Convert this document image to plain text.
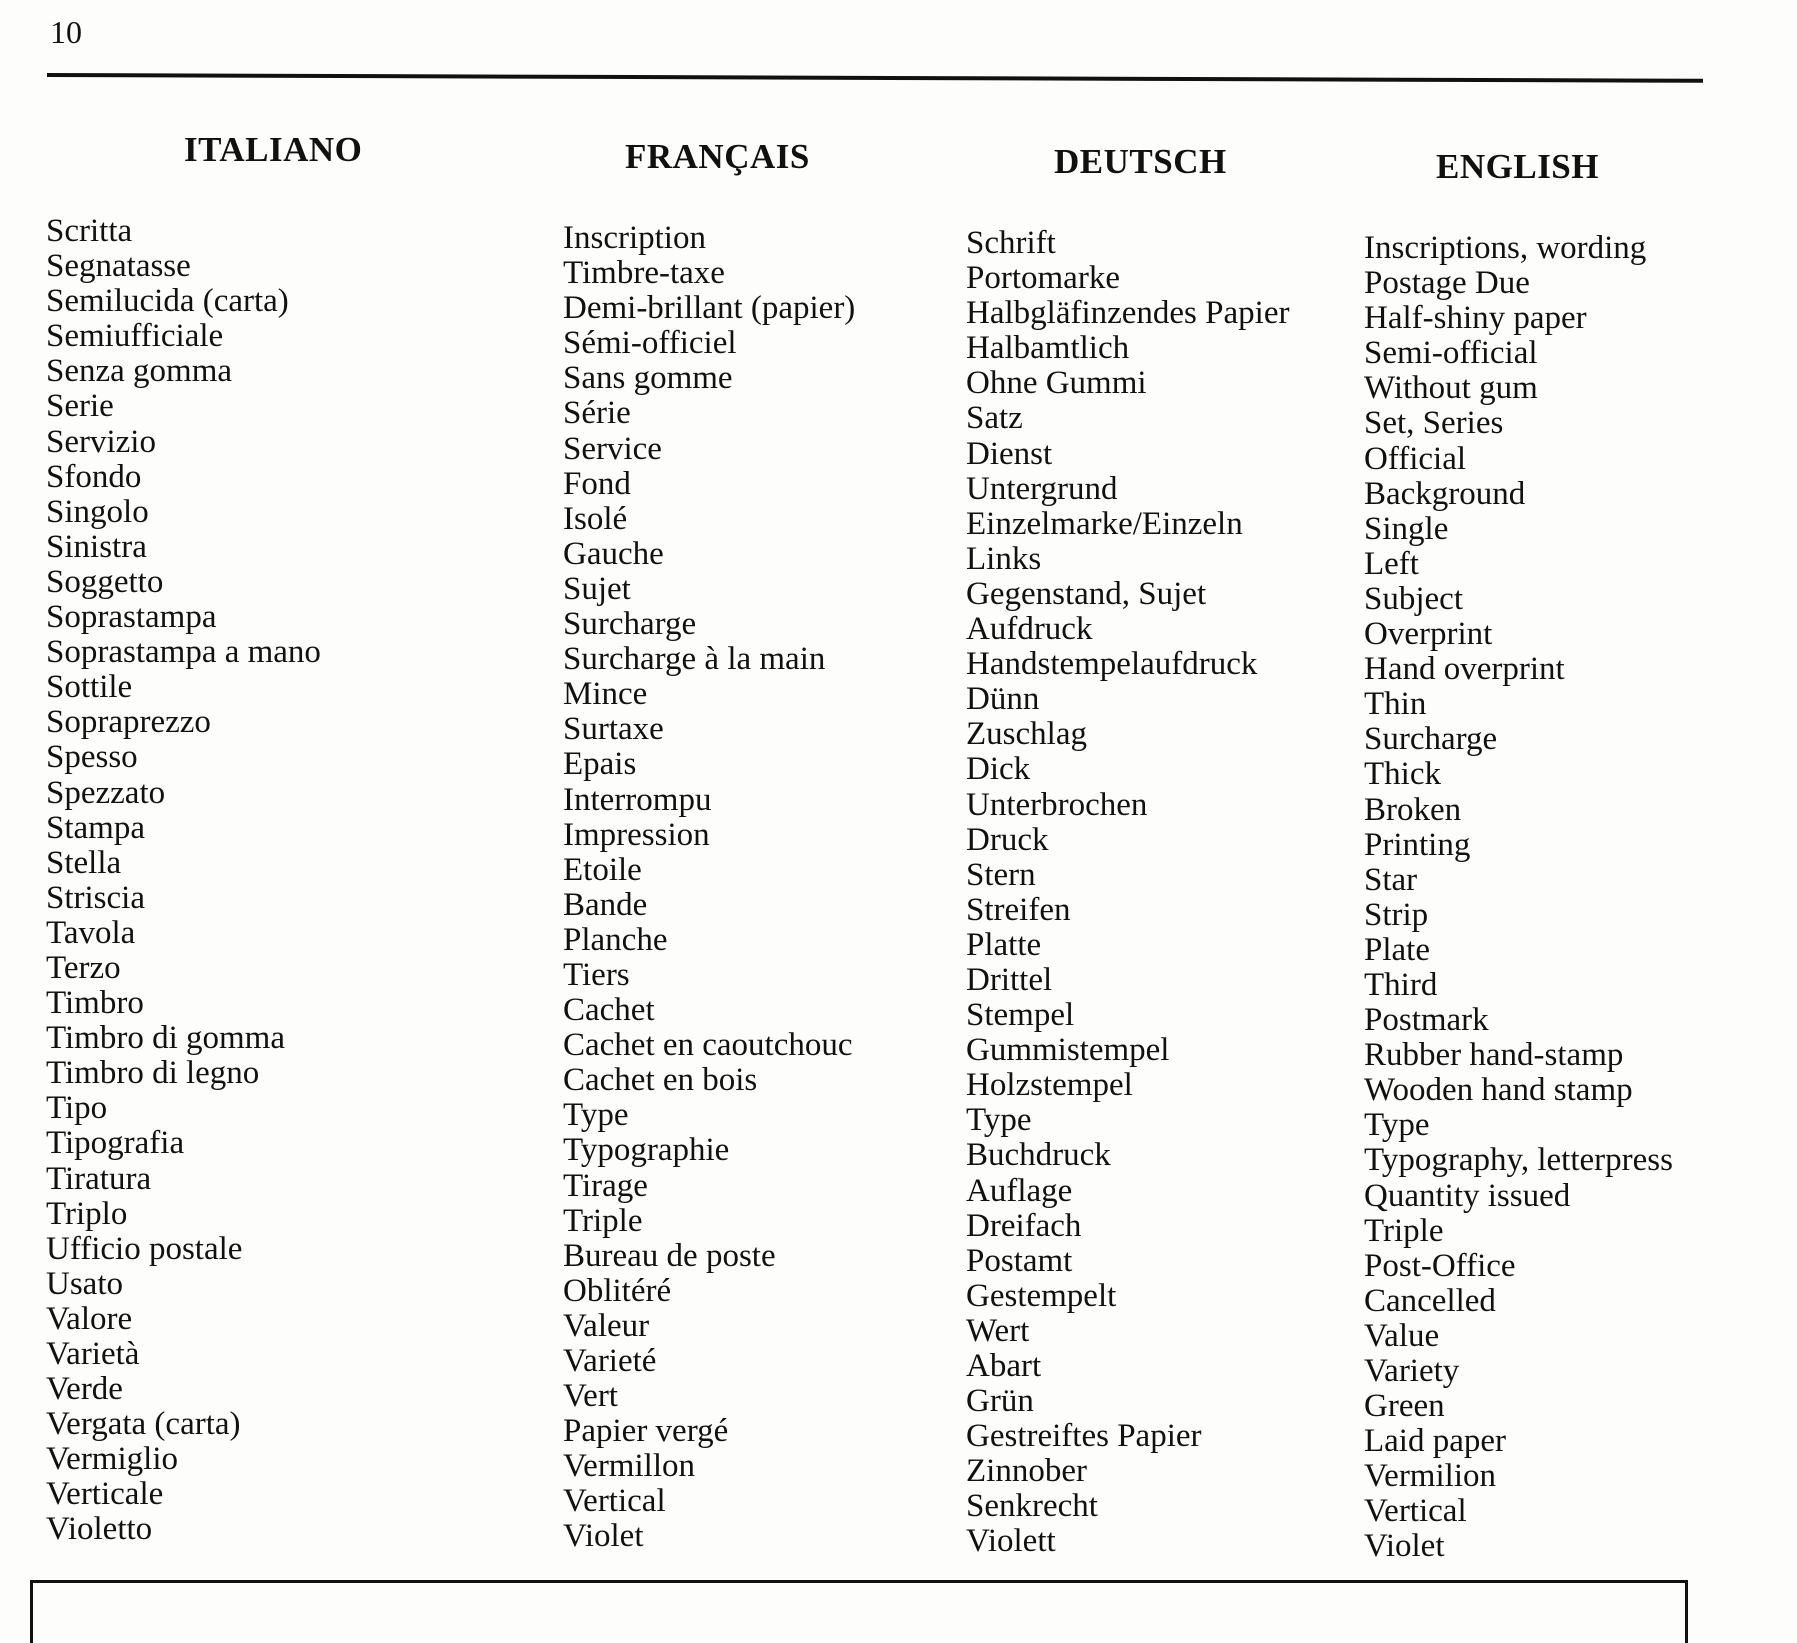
10
ITALIANO
Scritta
Segnatasse
Semilucida (carta)
Semiufficiale
Senza gomma
Serie
Servizio
Sfondo
Singolo
Sinistra
Soggetto
Soprastampa
Soprastampa a mano
Sottile
Sopraprezzo
Spesso
Spezzato
Stampa
Stella
Striscia
Tavola
Terzo
Timbro
Timbro di gomma
Timbro di legno
Tipo
Tipografia
Tiratura
Triplo
Ufficio postale
Usato
Valore
Varietà
Verde
Vergata (carta)
Vermiglio
Verticale
Violetto
FRANÇAIS
Inscription
Timbre-taxe
Demi-brillant (papier)
Sémi-officiel
Sans gomme
Série
Service
Fond
Isolé
Gauche
Sujet
Surcharge
Surcharge à la main
Mince
Surtaxe
Epais
Interrompu
Impression
Etoile
Bande
Planche
Tiers
Cachet
Cachet en caoutchouc
Cachet en bois
Type
Typographie
Tirage
Triple
Bureau de poste
Oblitéré
Valeur
Varieté
Vert
Papier vergé
Vermillon
Vertical
Violet
DEUTSCH
Schrift
Portomarke
Halbgläfinzendes Papier
Halbamtlich
Ohne Gummi
Satz
Dienst
Untergrund
Einzelmarke/Einzeln
Links
Gegenstand, Sujet
Aufdruck
Handstempelaufdruck
Dünn
Zuschlag
Dick
Unterbrochen
Druck
Stern
Streifen
Platte
Drittel
Stempel
Gummistempel
Holzstempel
Type
Buchdruck
Auflage
Dreifach
Postamt
Gestempelt
Wert
Abart
Grün
Gestreiftes Papier
Zinnober
Senkrecht
Violett
ENGLISH
Inscriptions, wording
Postage Due
Half-shiny paper
Semi-official
Without gum
Set, Series
Official
Background
Single
Left
Subject
Overprint
Hand overprint
Thin
Surcharge
Thick
Broken
Printing
Star
Strip
Plate
Third
Postmark
Rubber hand-stamp
Wooden hand stamp
Type
Typography, letterpress
Quantity issued
Triple
Post-Office
Cancelled
Value
Variety
Green
Laid paper
Vermilion
Vertical
Violet
